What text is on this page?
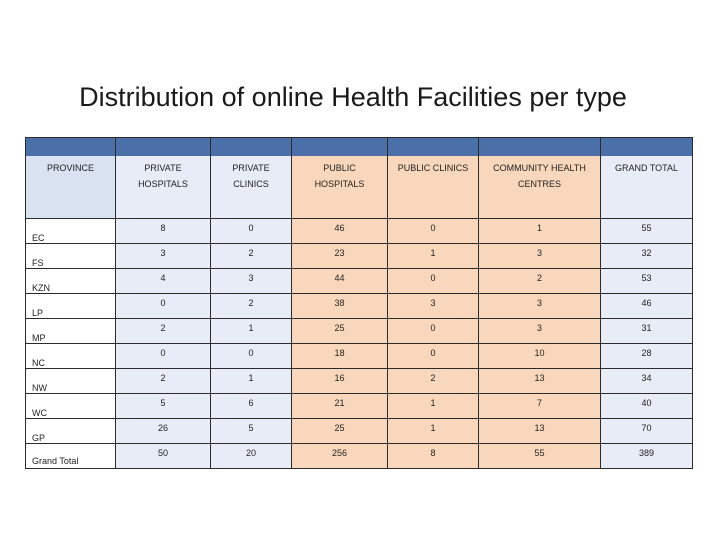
Distribution of online Health Facilities per type

PROVINCE	PRIVATE HOSPITALS	PRIVATE CLINICS	PUBLIC HOSPITALS	PUBLIC CLINICS	COMMUNITY HEALTH CENTRES	GRAND TOTAL
EC	8	0	46	0	1	55
FS	3	2	23	1	3	32
KZN	4	3	44	0	2	53
LP	0	2	38	3	3	46
MP	2	1	25	0	3	31
NC	0	0	18	0	10	28
NW	2	1	16	2	13	34
WC	5	6	21	1	7	40
GP	26	5	25	1	13	70
Grand Total	50	20	256	8	55	389
